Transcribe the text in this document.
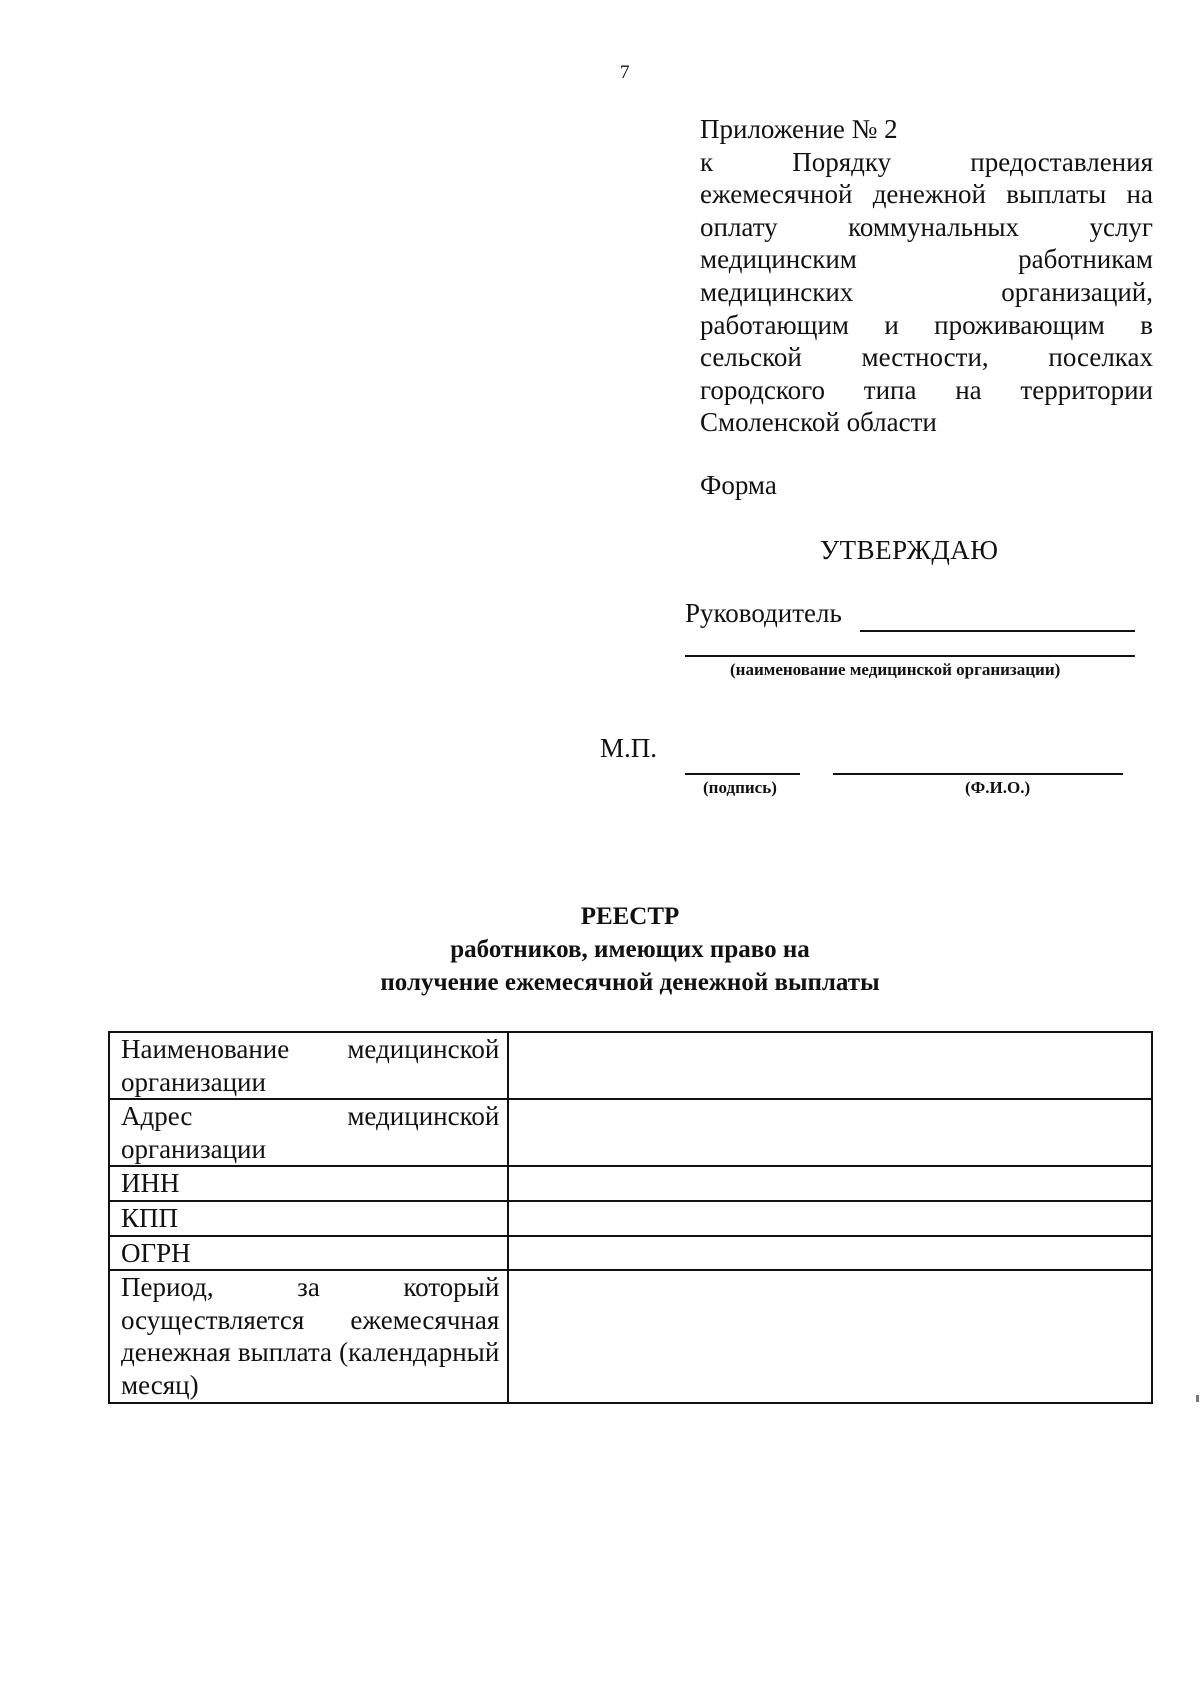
7
Приложение № 2
к Порядку предоставления ежемесячной денежной выплаты на оплату коммунальных услуг медицинским работникам медицинских организаций, работающим и проживающим в сельской местности, поселках городского типа на территории Смоленской области
Форма
УТВЕРЖДАЮ
Руководитель
(наименование медицинской организации)
М.П.
(подпись)	(Ф.И.О.)
РЕЕСТР
работников, имеющих право на
получение ежемесячной денежной выплаты
Наименование медицинской организации	
Адрес медицинской организации	
ИНН	
КПП	
ОГРН	
Период, за который осуществляется ежемесячная денежная выплата (календарный месяц)	
